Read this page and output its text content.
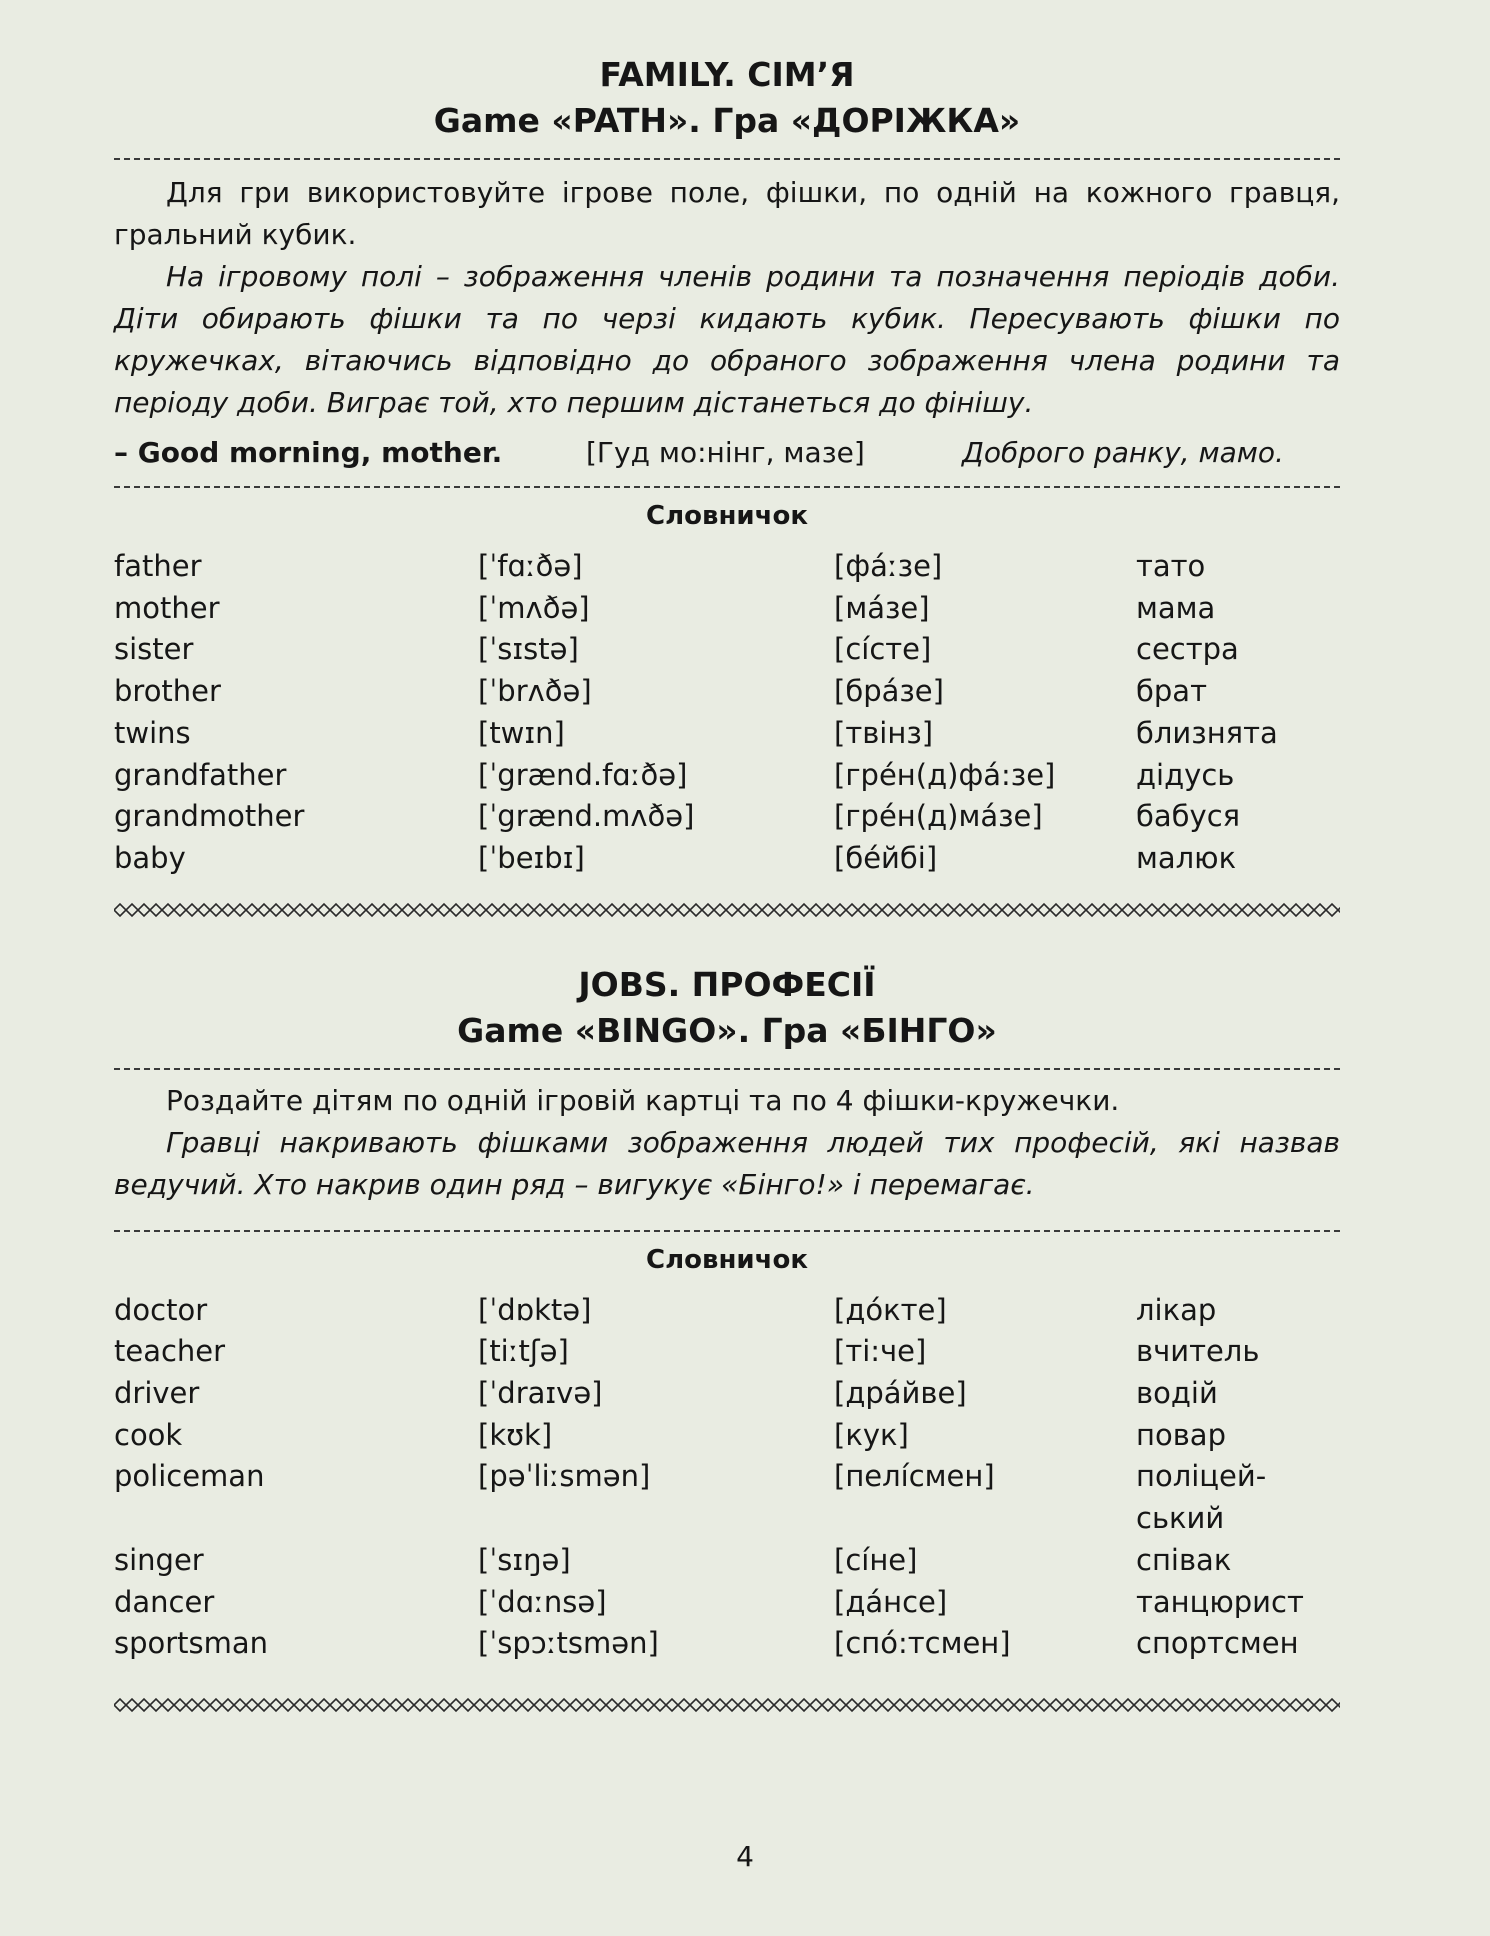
FAMILY. СІМ’Я
Game «PATH». Гра «ДОРІЖКА»

Для гри використовуйте ігрове поле, фішки, по одній на кожного гравця, гральний кубик.

На ігровому полі – зображення членів родини та позначення періодів доби. Діти обирають фішки та по черзі кидають кубик. Пересувають фішки по кружечках, вітаючись відповідно до обраного зображення члена родини та періоду доби. Виграє той, хто першим дістанеться до фінішу.

– Good morning, mother.	[Гуд мо:нінг, мазе]	Доброго ранку, мамо.
Словничок
father	[ˈfɑːðə]	[фáːзе]	тато
mother	[ˈmʌðə]	[мáзе]	мама
sister	[ˈsɪstə]	[сíсте]	сестра
brother	[ˈbrʌðə]	[брáзе]	брат
twins	[twɪn]	[твінз]	близнята
grandfather	[ˈgrænd.fɑːðə]	[грéн(д)фá:зе]	дідусь
grandmother	[ˈgrænd.mʌðə]	[грéн(д)мáзе]	бабуся
baby	[ˈbeɪbɪ]	[бéйбі]	малюк
JOBS. ПРОФЕСІЇ
Game «BINGO». Гра «БІНГО»

Роздайте дітям по одній ігровій картці та по 4 фішки-кружечки.

Гравці накривають фішками зображення людей тих професій, які назвав ведучий. Хто накрив один ряд – вигукує «Бінго!» і перемагає.

Словничок
doctor	[ˈdɒktə]	[дóкте]	лікар
teacher	[tiːtʃə]	[ті:че]	вчитель
driver	[ˈdraɪvə]	[дрáйве]	водій
cook	[kʊk]	[кук]	повар
policeman	[pəˈliːsmən]	[пелíсмен]	поліцей-
ський
singer	[ˈsɪŋə]	[сíне]	співак
dancer	[ˈdɑːnsə]	[дáнсе]	танцюрист
sportsman	[ˈspɔːtsmən]	[спó:тсмен]	спортсмен
4
